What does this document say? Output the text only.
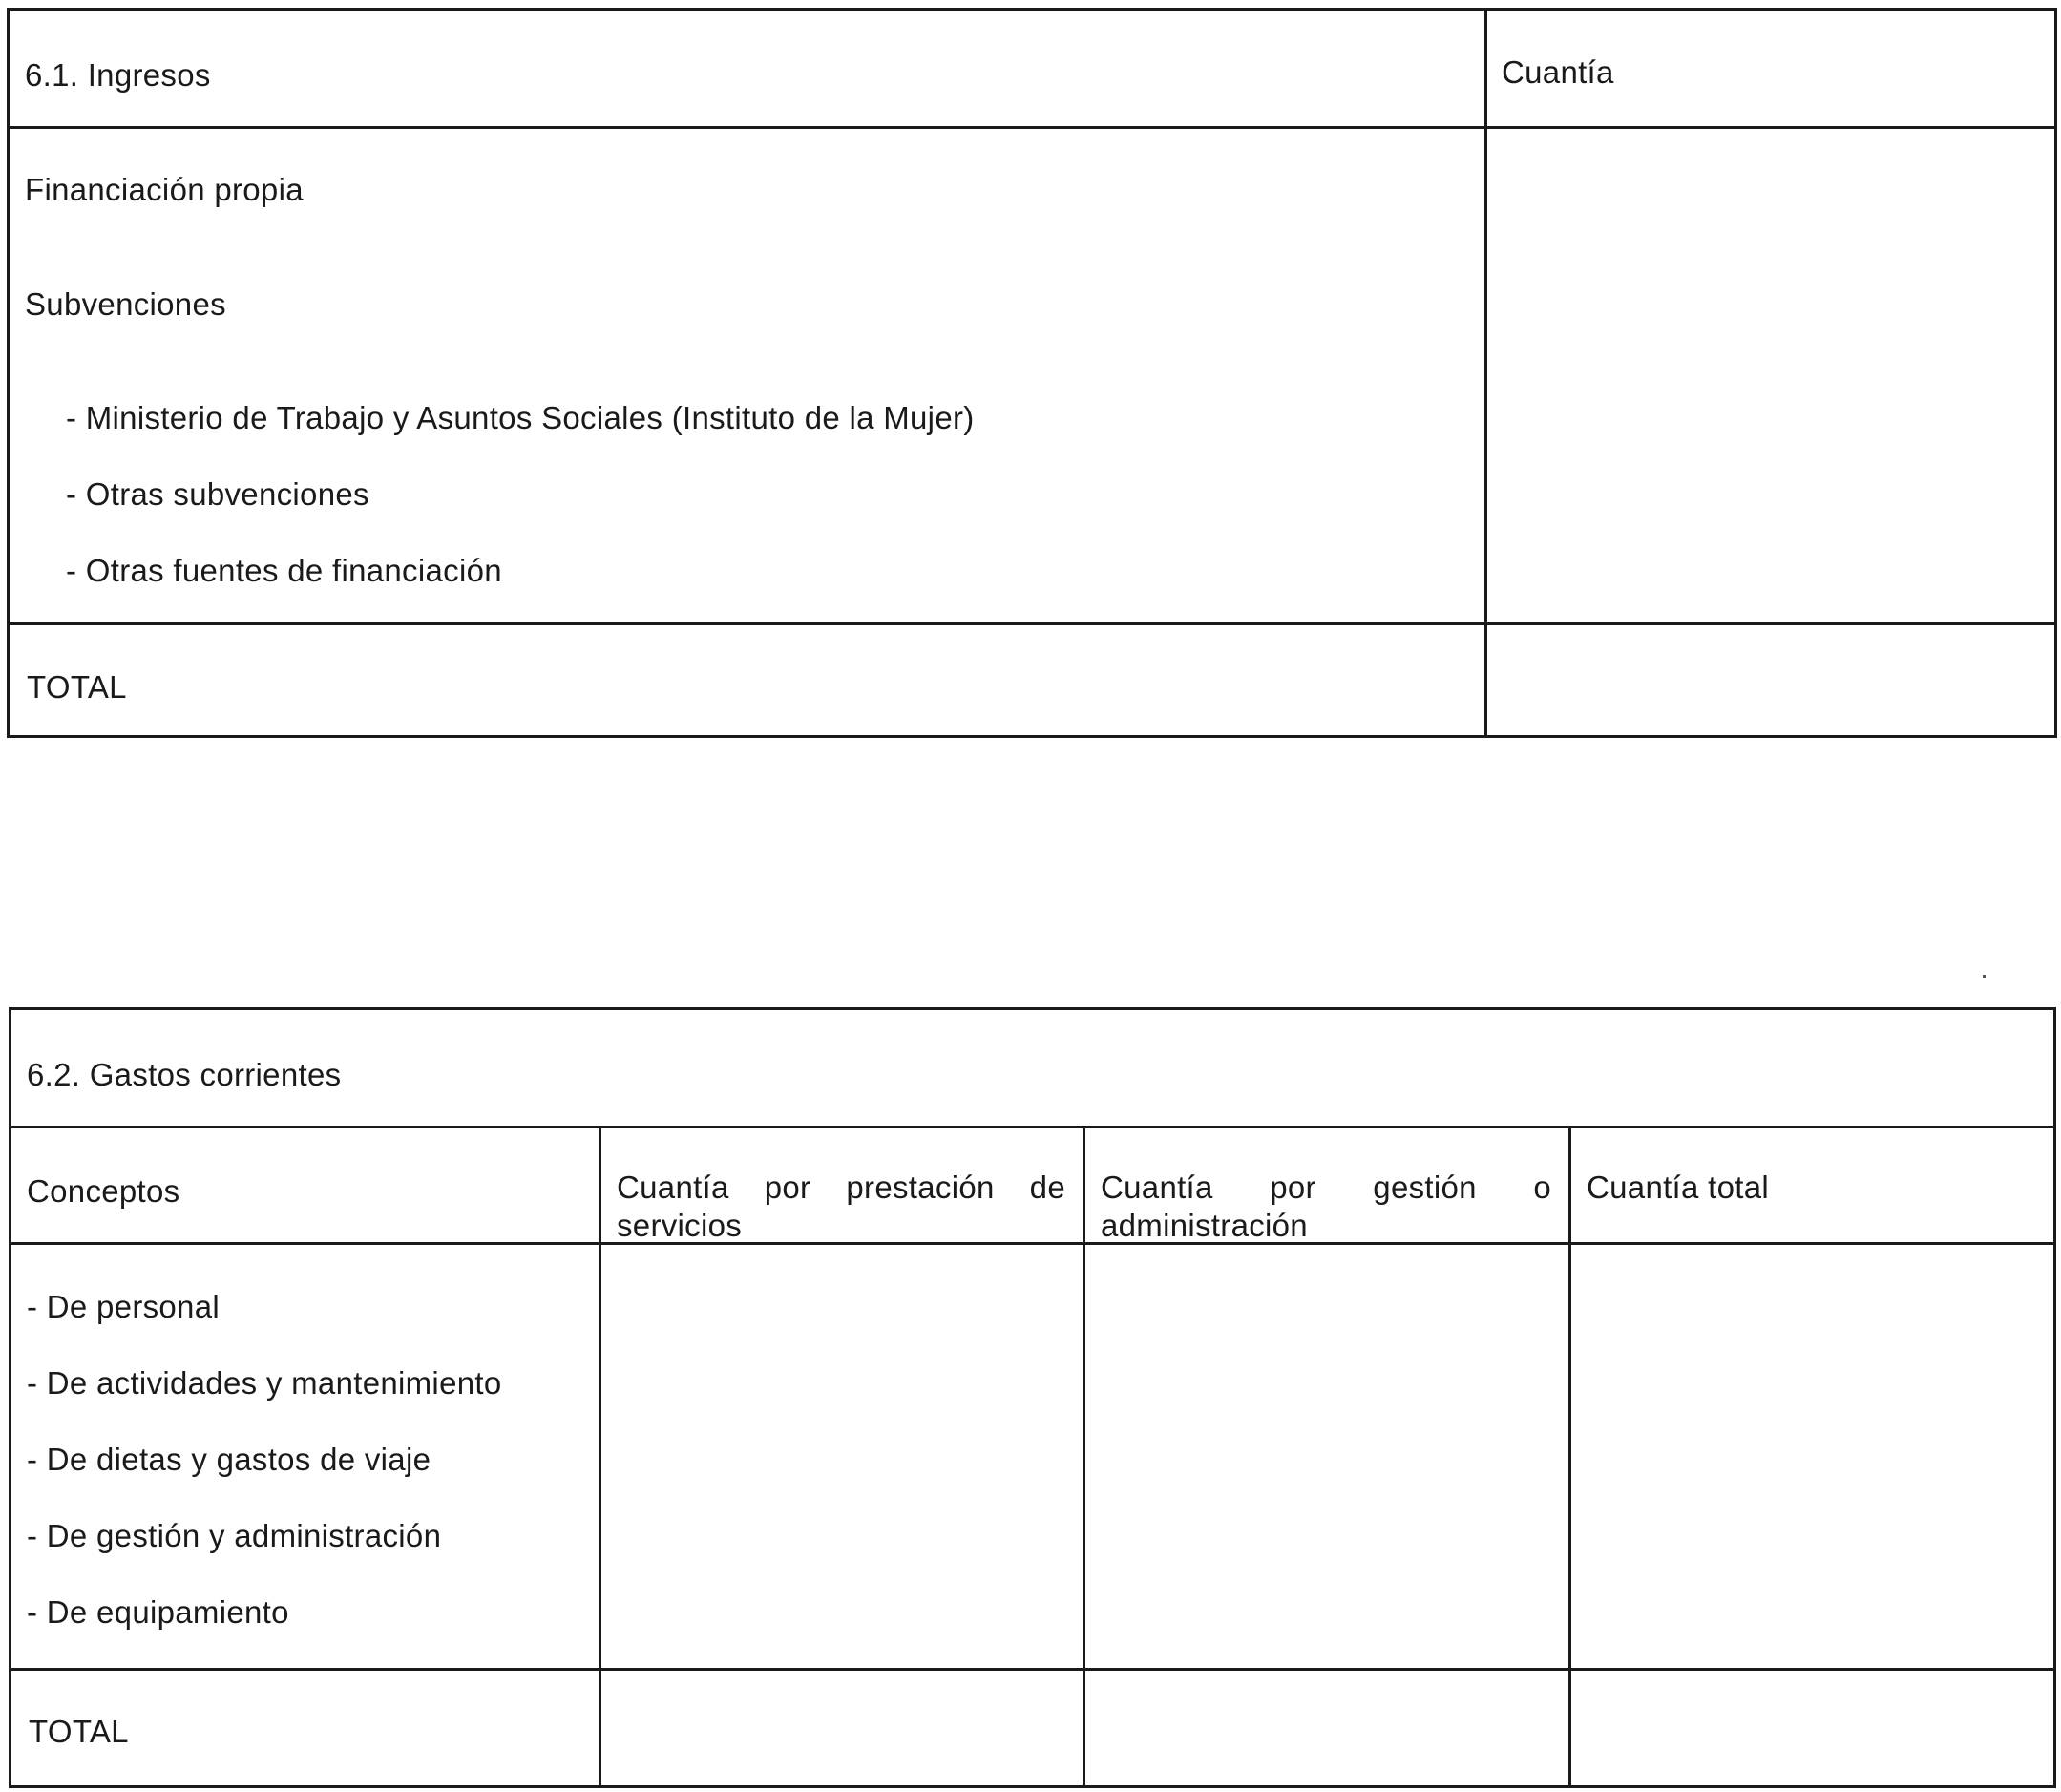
6.1. Ingresos	Cuantía
Financiación propia
Subvenciones
- Ministerio de Trabajo y Asuntos Sociales (Instituto de la Mujer)
- Otras subvenciones
- Otras fuentes de financiación
TOTAL
6.2. Gastos corrientes
Conceptos	Cuantía por prestación de servicios
Cuantía por gestión o administración
Cuantía total
- De personal
- De actividades y mantenimiento
- De dietas y gastos de viaje
- De gestión y administración
- De equipamiento
TOTAL
